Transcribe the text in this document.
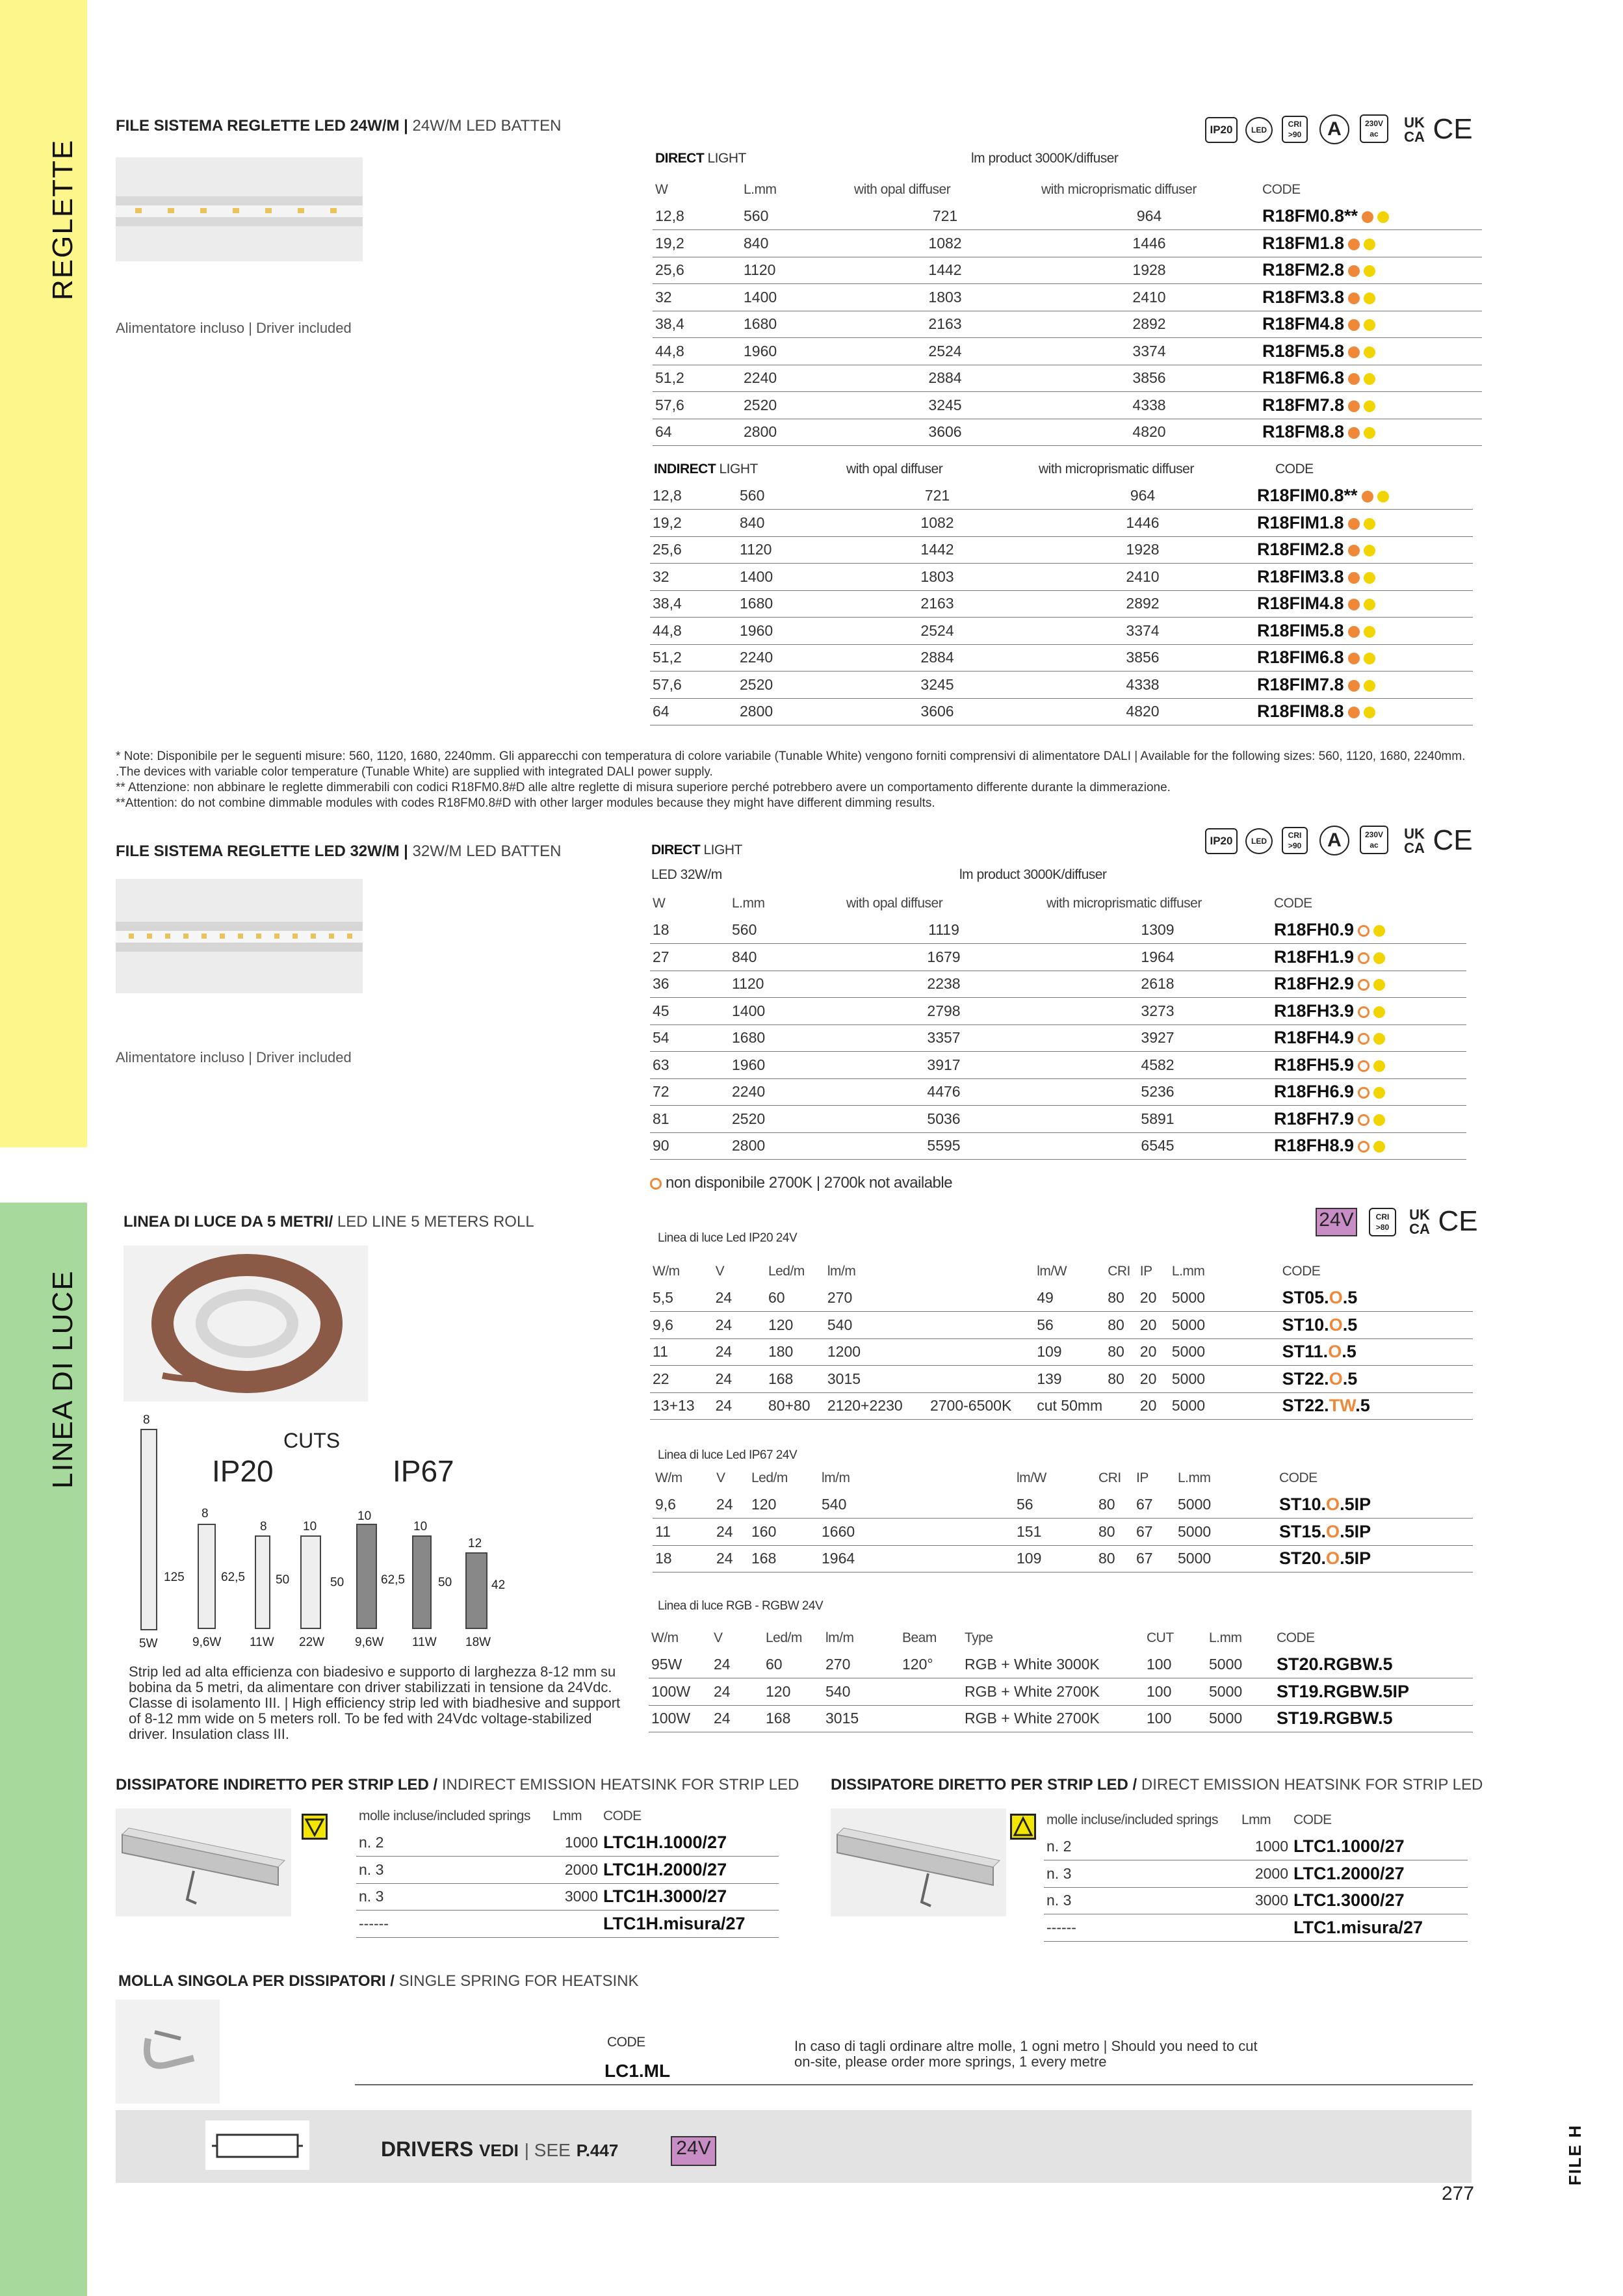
REGLETTE
LINEA DI LUCE
FILE H
FILE SISTEMA REGLETTE LED 24W/M | 24W/M LED BATTEN
Alimentatore incluso | Driver included
IP20	LED
CRI >90	A	230V ac
UK CA CE
DIRECT LIGHT	lm product 3000K/diffuser
W	L.mm	with opal diffuser	with microprismatic diffuser	CODE
12,8	560	721	964	R18FM0.8**
19,2	840	1082	1446	R18FM1.8
25,6	1120	1442	1928	R18FM2.8
32	1400	1803	2410	R18FM3.8
38,4	1680	2163	2892	R18FM4.8
44,8	1960	2524	3374	R18FM5.8
51,2	2240	2884	3856	R18FM6.8
57,6	2520	3245	4338	R18FM7.8
64	2800	3606	4820	R18FM8.8
INDIRECT LIGHT	with opal diffuser	with microprismatic diffuser	CODE
12,8	560	721	964	R18FIM0.8**
19,2	840	1082	1446	R18FIM1.8
25,6	1120	1442	1928	R18FIM2.8
32	1400	1803	2410	R18FIM3.8
38,4	1680	2163	2892	R18FIM4.8
44,8	1960	2524	3374	R18FIM5.8
51,2	2240	2884	3856	R18FIM6.8
57,6	2520	3245	4338	R18FIM7.8
64	2800	3606	4820	R18FIM8.8
* Note: Disponibile per le seguenti misure: 560, 1120, 1680, 2240mm. Gli apparecchi con temperatura di colore variabile (Tunable White) vengono forniti comprensivi di alimentatore DALI | Available for the following sizes: 560, 1120, 1680, 2240mm. .The devices with variable color temperature (Tunable White) are supplied with integrated DALI power supply.
** Attenzione: non abbinare le reglette dimmerabili con codici R18FM0.8#D alle altre reglette di misura superiore perché potrebbero avere un comportamento differente durante la dimmerazione.
**Attention: do not combine dimmable modules with codes R18FM0.8#D with other larger modules because they might have different dimming results.
FILE SISTEMA REGLETTE LED 32W/M | 32W/M LED BATTEN
Alimentatore incluso | Driver included
IP20	LED
CRI >90	A	230V ac
UK CA CE
DIRECT LIGHT
LED 32W/m	lm product 3000K/diffuser
W	L.mm	with opal diffuser	with microprismatic diffuser	CODE
18	560	1119	1309	R18FH0.9
27	840	1679	1964	R18FH1.9
36	1120	2238	2618	R18FH2.9
45	1400	2798	3273	R18FH3.9
54	1680	3357	3927	R18FH4.9
63	1960	3917	4582	R18FH5.9
72	2240	4476	5236	R18FH6.9
81	2520	5036	5891	R18FH7.9
90	2800	5595	6545	R18FH8.9
non disponibile 2700K | 2700k not available
LINEA DI LUCE DA 5 METRI/ LED LINE 5 METERS ROLL
CUTS
IP20	IP67
8
8
125
8
62,5
10
50
10
50
10
62,5
12
50	42
5W	9,6W 11W 22W 9,6W 11W 18W
Strip led ad alta efficienza con biadesivo e supporto di larghezza 8-12 mm su bobina da 5 metri, da alimentare con driver stabilizzati in tensione da 24Vdc. Classe di isolamento III. | High efficiency strip led with biadhesive and support of 8-12 mm wide on 5 meters roll. To be fed with 24Vdc voltage-stabilized driver. Insulation class III.
24V	CRI >80
UK CA CE
Linea di luce Led IP20 24V
W/m	V	Led/m	lm/m		lm/W	CRI	IP	L.mm	CODE
5,5	24	60	270		49	80	20	5000	ST05.O.5
9,6	24	120	540		56	80	20	5000	ST10.O.5
11	24	180	1200		109	80	20	5000	ST11.O.5
22	24	168	3015		139	80	20	5000	ST22.O.5
13+13	24	80+80	2120+2230	2700-6500K	cut 50mm		20	5000	ST22.TW.5
Linea di luce Led IP67 24V
W/m	V	Led/m	lm/m	lm/W	CRI	IP	L.mm	CODE
9,6	24	120	540	56	80	67	5000	ST10.O.5IP
11	24	160	1660	151	80	67	5000	ST15.O.5IP
18	24	168	1964	109	80	67	5000	ST20.O.5IP
Linea di luce RGB - RGBW 24V
W/m	V	Led/m	lm/m	Beam	Type	CUT	L.mm	CODE
95W	24	60	270	120°	RGB + White 3000K	100	5000	ST20.RGBW.5
100W	24	120	540		RGB + White 2700K	100	5000	ST19.RGBW.5IP
100W	24	168	3015		RGB + White 2700K	100	5000	ST19.RGBW.5
DISSIPATORE INDIRETTO PER STRIP LED / INDIRECT EMISSION HEATSINK FOR STRIP LED DISSIPATORE DIRETTO PER STRIP LED / DIRECT EMISSION HEATSINK FOR STRIP LED
molle incluse/included springs	Lmm	CODE
n. 2	1000	LTC1H.1000/27
n. 3	2000	LTC1H.2000/27
n. 3	3000	LTC1H.3000/27
------		LTC1H.misura/27
molle incluse/included springs	Lmm	CODE
n. 2	1000	LTC1.1000/27
n. 3	2000	LTC1.2000/27
n. 3	3000	LTC1.3000/27
------		LTC1.misura/27
MOLLA SINGOLA PER DISSIPATORI / SINGLE SPRING FOR HEATSINK
CODE
LC1.ML
In caso di tagli ordinare altre molle, 1 ogni metro | Should you need to cut on-site, please order more springs, 1 every metre
DRIVERS VEDI | SEE P.447	24V
277
